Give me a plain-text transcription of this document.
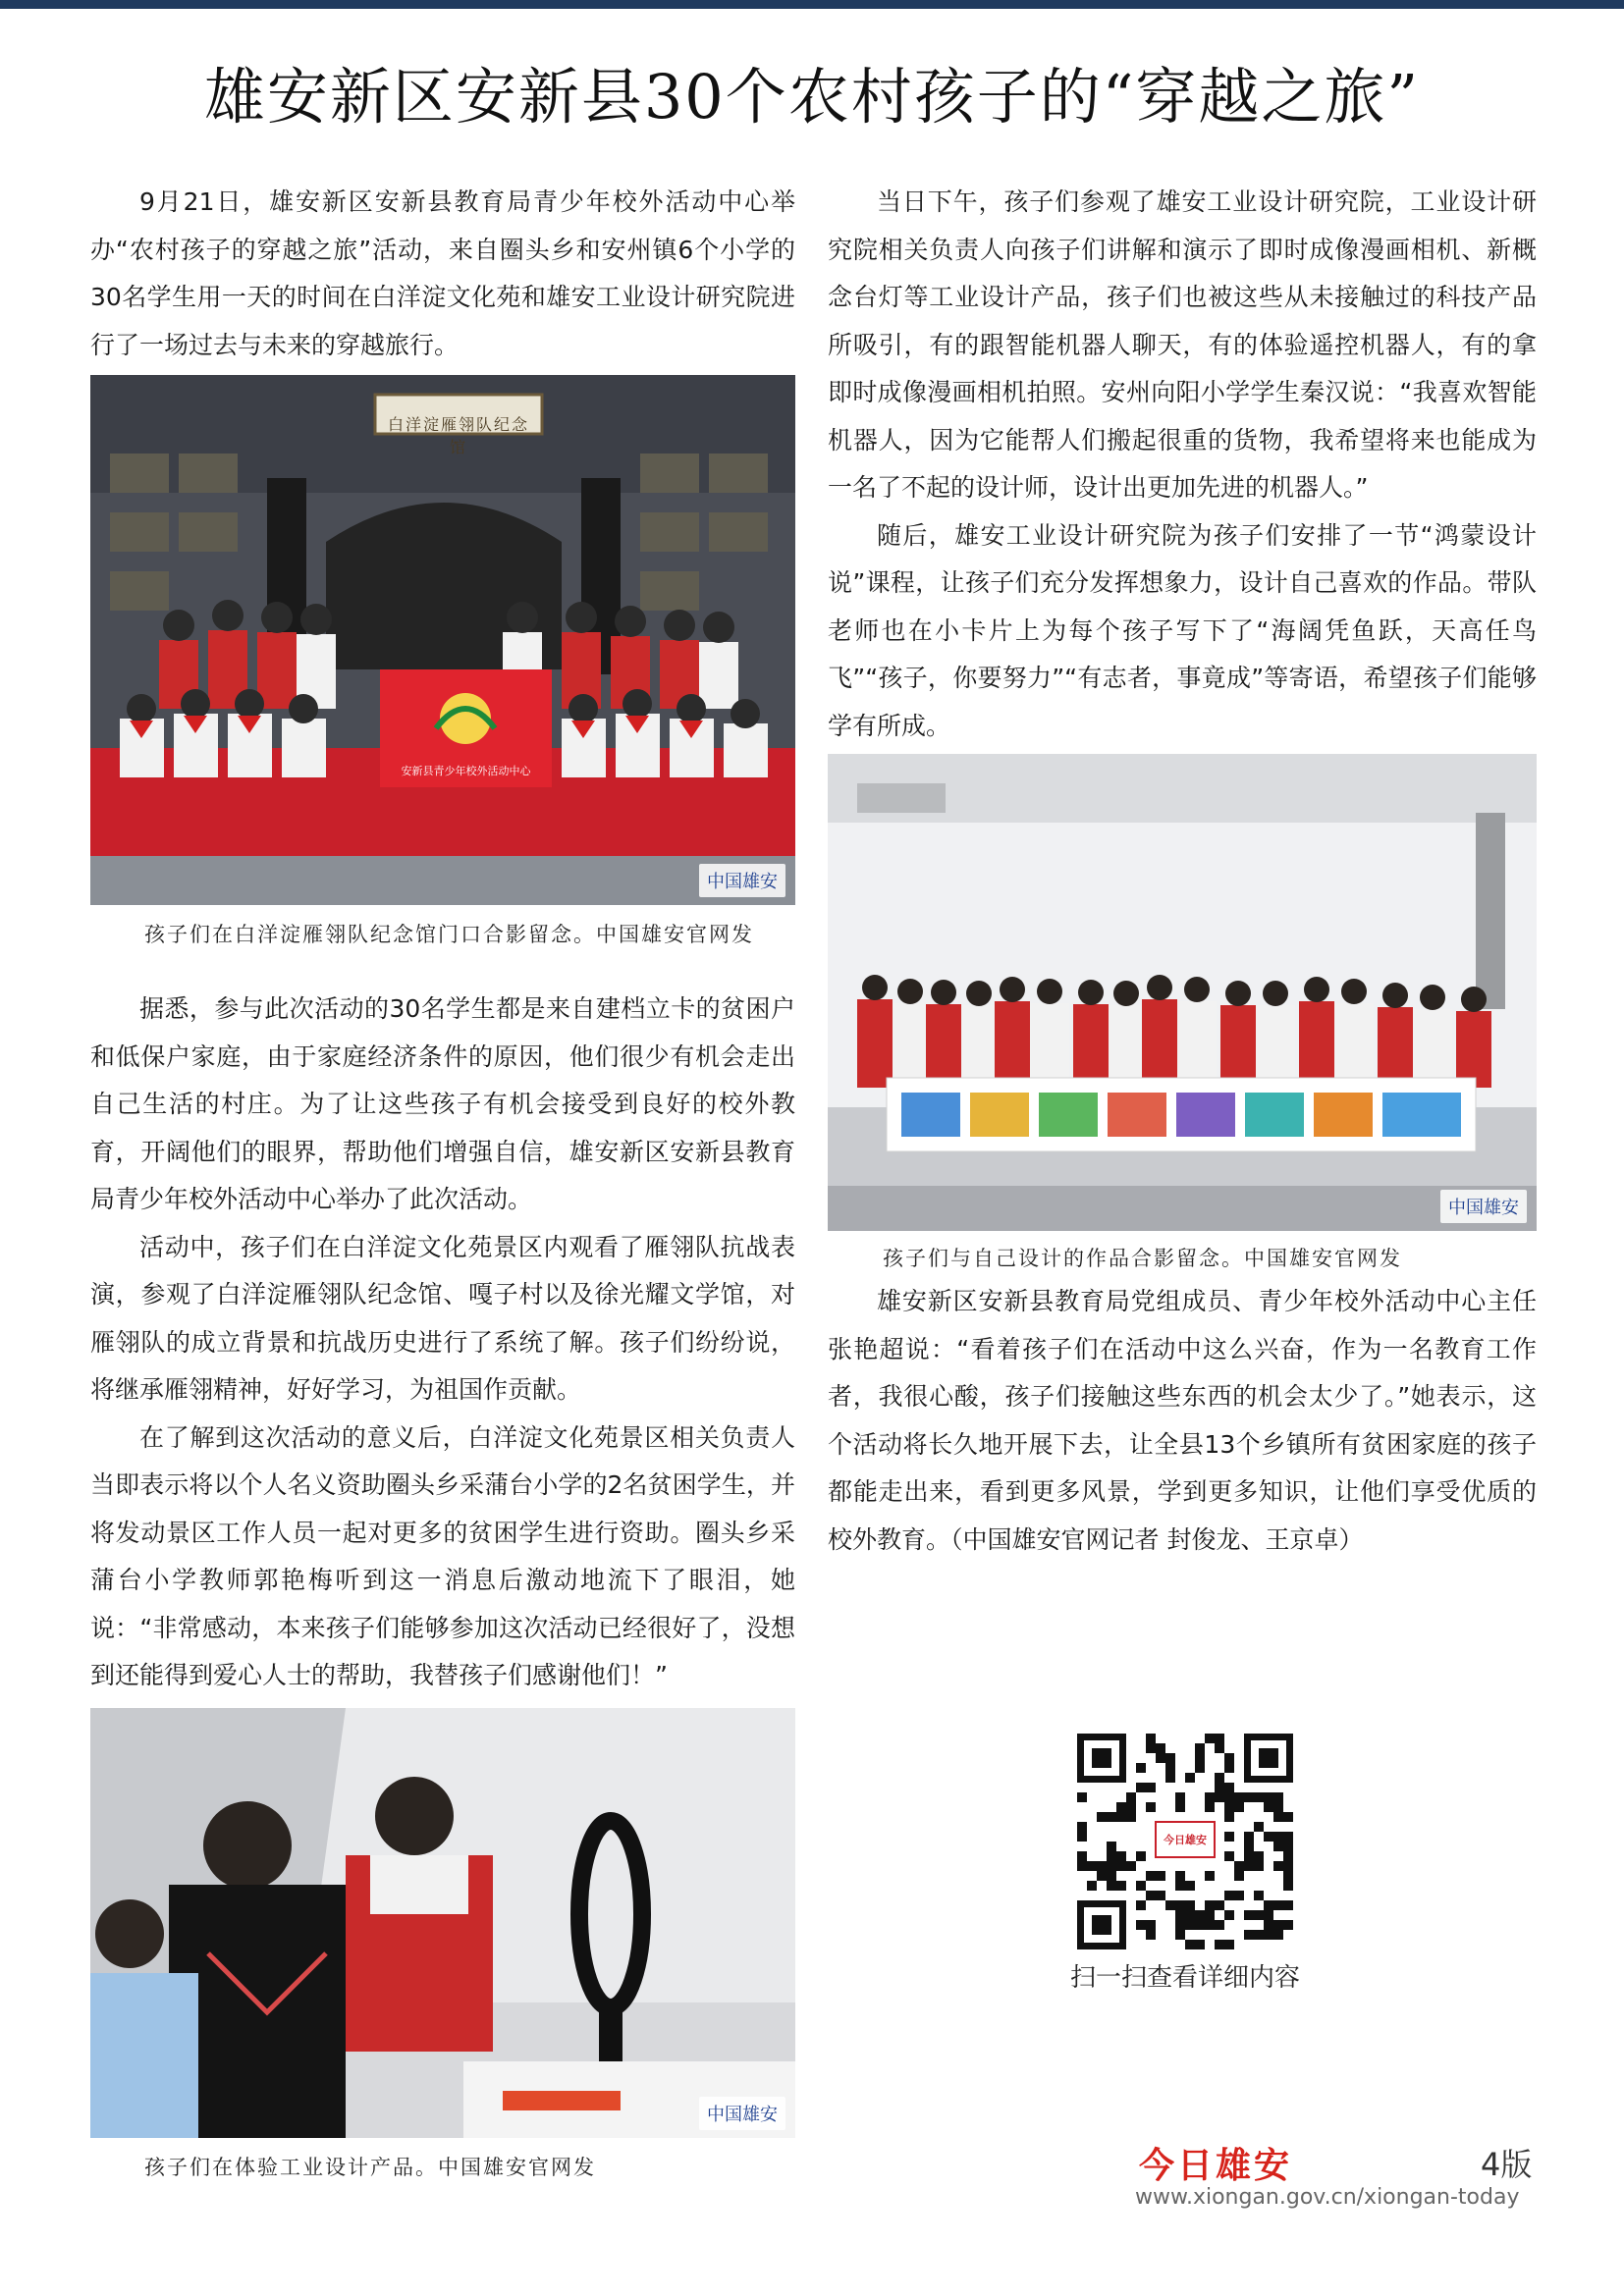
雄安新区安新县30个农村孩子的“穿越之旅”

9月21日，雄安新区安新县教育局青少年校外活动中心举办“农村孩子的穿越之旅”活动，来自圈头乡和安州镇6个小学的30名学生用一天的时间在白洋淀文化苑和雄安工业设计研究院进行了一场过去与未来的穿越旅行。

白洋淀雁翎队纪念馆
安新县青少年校外活动中心
中国雄安
孩子们在白洋淀雁翎队纪念馆门口合影留念。中国雄安官网发

据悉，参与此次活动的30名学生都是来自建档立卡的贫困户和低保户家庭，由于家庭经济条件的原因，他们很少有机会走出自己生活的村庄。为了让这些孩子有机会接受到良好的校外教育，开阔他们的眼界，帮助他们增强自信，雄安新区安新县教育局青少年校外活动中心举办了此次活动。

活动中，孩子们在白洋淀文化苑景区内观看了雁翎队抗战表演，参观了白洋淀雁翎队纪念馆、嘎子村以及徐光耀文学馆，对雁翎队的成立背景和抗战历史进行了系统了解。孩子们纷纷说，将继承雁翎精神，好好学习，为祖国作贡献。

在了解到这次活动的意义后，白洋淀文化苑景区相关负责人当即表示将以个人名义资助圈头乡采蒲台小学的2名贫困学生，并将发动景区工作人员一起对更多的贫困学生进行资助。圈头乡采蒲台小学教师郭艳梅听到这一消息后激动地流下了眼泪，她说：“非常感动，本来孩子们能够参加这次活动已经很好了，没想到还能得到爱心人士的帮助，我替孩子们感谢他们！”

中国雄安
孩子们在体验工业设计产品。中国雄安官网发

当日下午，孩子们参观了雄安工业设计研究院，工业设计研究院相关负责人向孩子们讲解和演示了即时成像漫画相机、新概念台灯等工业设计产品，孩子们也被这些从未接触过的科技产品所吸引，有的跟智能机器人聊天，有的体验遥控机器人，有的拿即时成像漫画相机拍照。安州向阳小学学生秦汉说：“我喜欢智能机器人，因为它能帮人们搬起很重的货物，我希望将来也能成为一名了不起的设计师，设计出更加先进的机器人。”

随后，雄安工业设计研究院为孩子们安排了一节“鸿蒙设计说”课程，让孩子们充分发挥想象力，设计自己喜欢的作品。带队老师也在小卡片上为每个孩子写下了“海阔凭鱼跃，天高任鸟飞”“孩子，你要努力”“有志者，事竟成”等寄语，希望孩子们能够学有所成。

中国雄安
孩子们与自己设计的作品合影留念。中国雄安官网发

雄安新区安新县教育局党组成员、青少年校外活动中心主任张艳超说：“看着孩子们在活动中这么兴奋，作为一名教育工作者，我很心酸，孩子们接触这些东西的机会太少了。”她表示，这个活动将长久地开展下去，让全县13个乡镇所有贫困家庭的孩子都能走出来，看到更多风景，学到更多知识，让他们享受优质的校外教育。（中国雄安官网记者 封俊龙、王京卓）

今日雄安
扫一扫查看详细内容
今日雄安	4版
www.xiongan.gov.cn/xiongan-today
